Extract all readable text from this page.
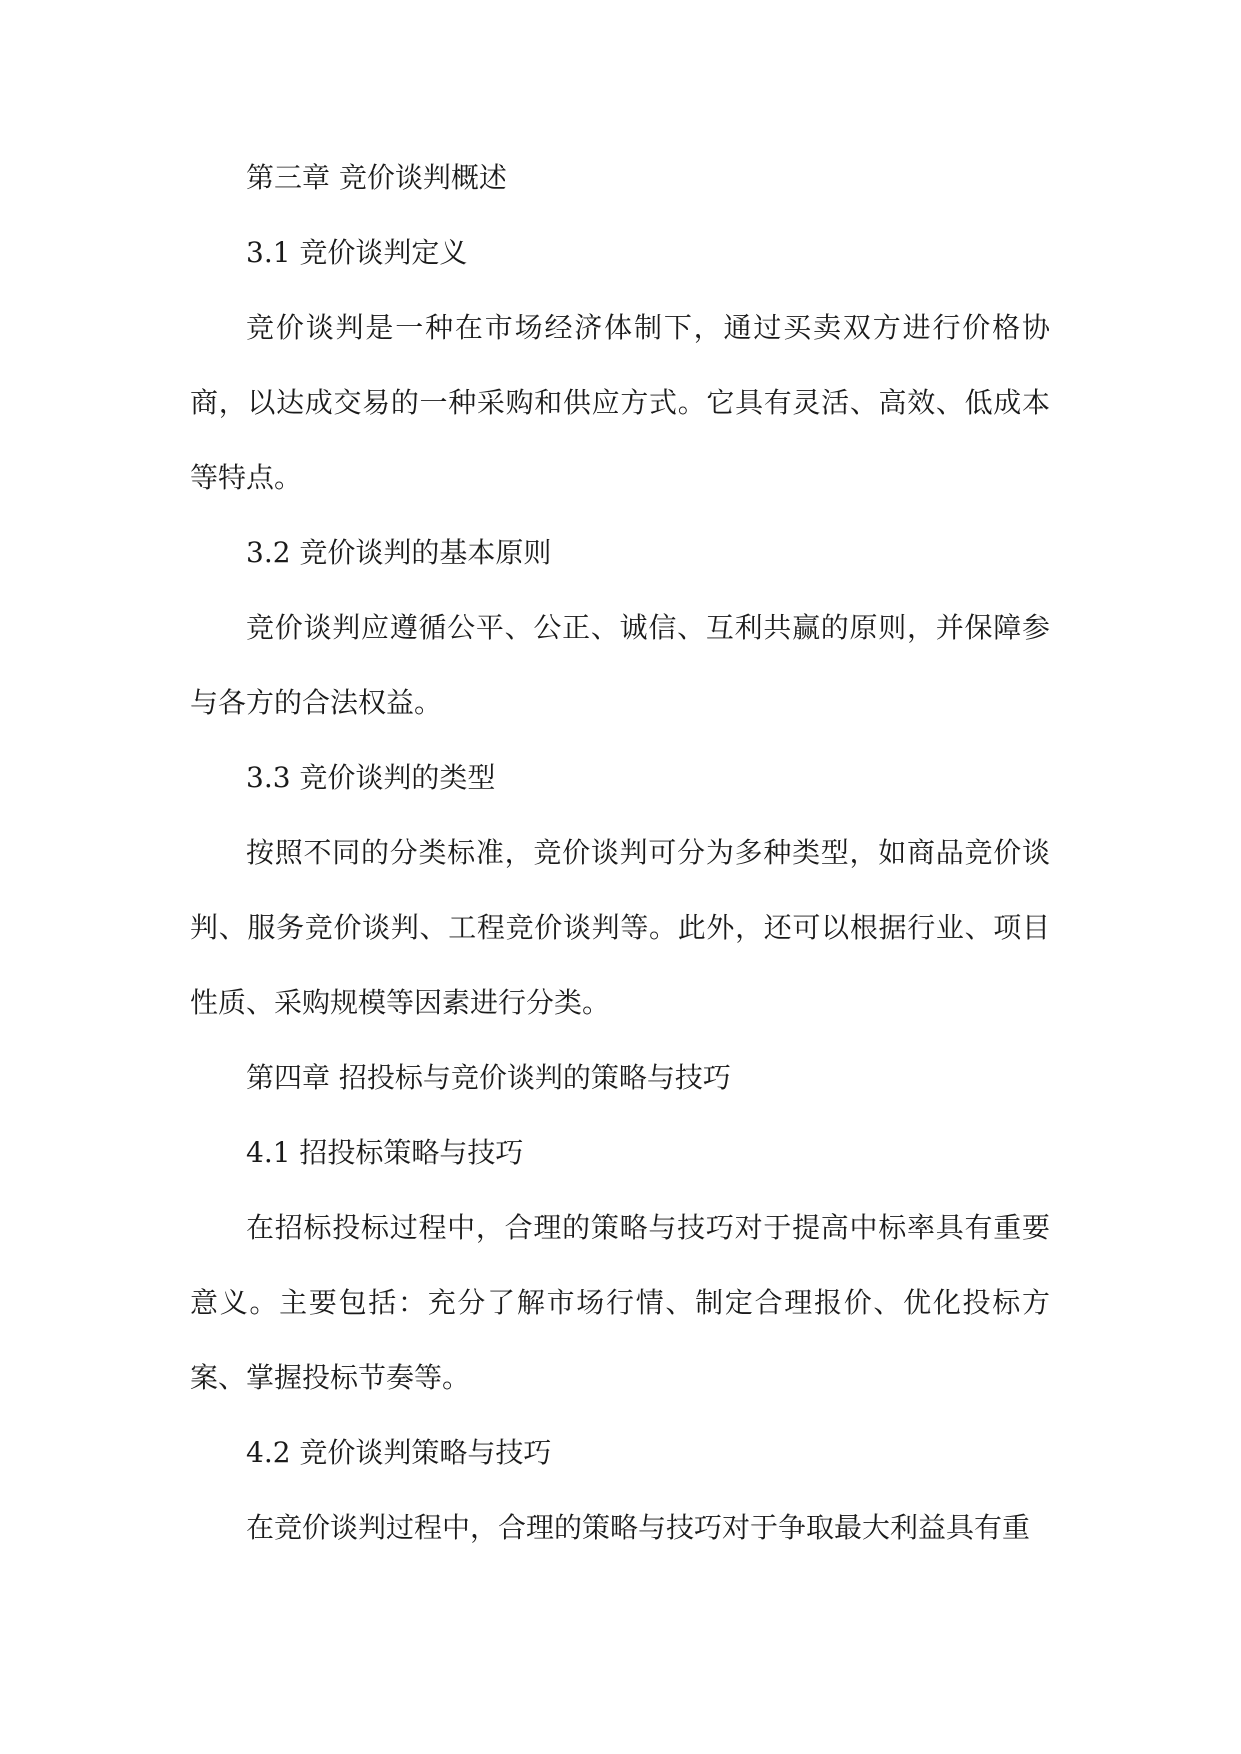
第三章 竞价谈判概述

3.1 竞价谈判定义

竞价谈判是一种在市场经济体制下，通过买卖双方进行价格协商，以达成交易的一种采购和供应方式。它具有灵活、高效、低成本等特点。

3.2 竞价谈判的基本原则

竞价谈判应遵循公平、公正、诚信、互利共赢的原则，并保障参与各方的合法权益。

3.3 竞价谈判的类型

按照不同的分类标准，竞价谈判可分为多种类型，如商品竞价谈判、服务竞价谈判、工程竞价谈判等。此外，还可以根据行业、项目性质、采购规模等因素进行分类。

第四章 招投标与竞价谈判的策略与技巧

4.1 招投标策略与技巧

在招标投标过程中，合理的策略与技巧对于提高中标率具有重要意义。主要包括：充分了解市场行情、制定合理报价、优化投标方案、掌握投标节奏等。

4.2 竞价谈判策略与技巧

在竞价谈判过程中，合理的策略与技巧对于争取最大利益具有重
